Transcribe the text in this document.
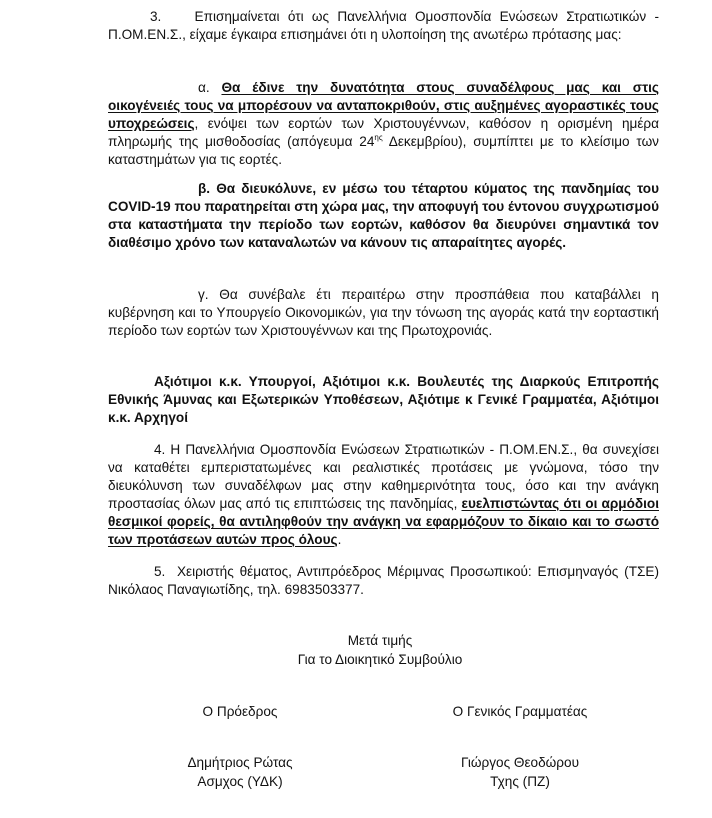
3. Επισημαίνεται ότι ως Πανελλήνια Ομοσπονδία Ενώσεων Στρατιωτικών - Π.ΟΜ.ΕΝ.Σ., είχαμε έγκαιρα επισημάνει ότι η υλοποίηση της ανωτέρω πρότασης μας:

α. Θα έδινε την δυνατότητα στους συναδέλφους μας και στις οικογένειές τους να μπορέσουν να ανταποκριθούν, στις αυξημένες αγοραστικές τους υποχρεώσεις, ενόψει των εορτών των Χριστουγέννων, καθόσον η ορισμένη ημέρα πληρωμής της μισθοδοσίας (απόγευμα $24^{\eta\varsigma}$ Δεκεμβρίου), συμπίπτει με το κλείσιμο των καταστημάτων για τις εορτές.

β. Θα διευκόλυνε, εν μέσω του τέταρτου κύματος της πανδημίας του COVID-19 που παρατηρείται στη χώρα μας, την αποφυγή του έντονου συγχρωτισμού στα καταστήματα την περίοδο των εορτών, καθόσον θα διευρύνει σημαντικά τον διαθέσιμο χρόνο των καταναλωτών να κάνουν τις απαραίτητες αγορές.

γ. Θα συνέβαλε έτι περαιτέρω στην προσπάθεια που καταβάλλει η κυβέρνηση και το Υπουργείο Οικονομικών, για την τόνωση της αγοράς κατά την εορταστική περίοδο των εορτών των Χριστουγέννων και της Πρωτοχρονιάς.

Αξιότιμοι κ.κ. Υπουργοί, Αξιότιμοι κ.κ. Βουλευτές της Διαρκούς Επιτροπής Εθνικής Άμυνας και Εξωτερικών Υποθέσεων, Αξιότιμε κ Γενικέ Γραμματέα, Αξιότιμοι κ.κ. Αρχηγοί

4. Η Πανελλήνια Ομοσπονδία Ενώσεων Στρατιωτικών - Π.ΟΜ.ΕΝ.Σ., θα συνεχίσει να καταθέτει εμπεριστατωμένες και ρεαλιστικές προτάσεις με γνώμονα, τόσο την διευκόλυνση των συναδέλφων μας στην καθημερινότητα τους, όσο και την ανάγκη προστασίας όλων μας από τις επιπτώσεις της πανδημίας, ευελπιστώντας ότι οι αρμόδιοι θεσμικοί φορείς, θα αντιληφθούν την ανάγκη να εφαρμόζουν το δίκαιο και το σωστό των προτάσεων αυτών προς όλους.

5. Χειριστής θέματος, Αντιπρόεδρος Μέριμνας Προσωπικού: Επισμηναγός (ΤΣΕ) Νικόλαος Παναγιωτίδης, τηλ. 6983503377.

Μετά τιμής

Για το Διοικητικό Συμβούλιο

Ο Πρόεδρος	Ο Γενικός Γραμματέας

Δημήτριος Ρώτας

Ασμχος (ΥΔΚ)

Γιώργος Θεοδώρου

Τχης (ΠΖ)
